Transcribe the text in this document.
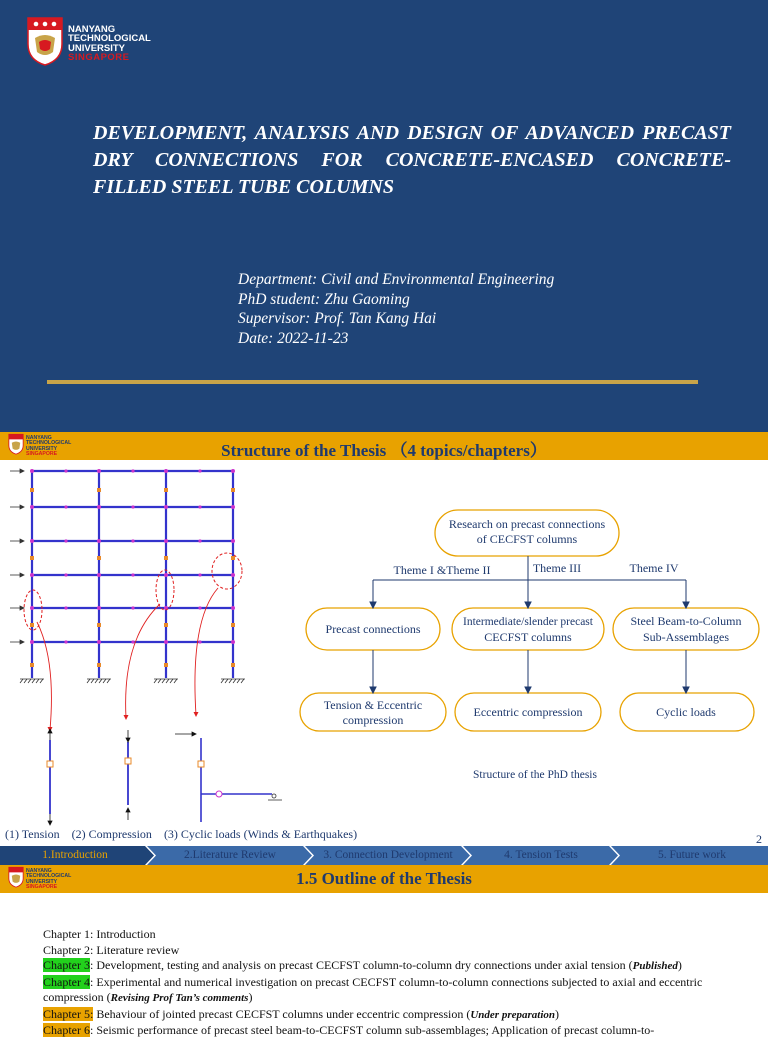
NANYANG
TECHNOLOGICAL
UNIVERSITY
SINGAPORE
DEVELOPMENT, ANALYSIS AND DESIGN OF ADVANCED PRECAST DRY CONNECTIONS FOR CONCRETE-ENCASED CONCRETE-FILLED STEEL TUBE COLUMNS
Department: Civil and Environmental Engineering
PhD student: Zhu Gaoming
Supervisor: Prof. Tan Kang Hai
Date: 2022-11-23
NANYANG
TECHNOLOGICAL
UNIVERSITY
SINGAPORE	Structure of the Thesis （4 topics/chapters）
Research on precast connections
of CECFST columns
Theme I &Theme II	Theme III	Theme IV
Precast connections	Intermediate/slender precast
CECFST columns
Steel Beam-to-Column
Sub-Assemblages
Tension & Eccentric
compression
Eccentric compression	Cyclic loads
Structure of the PhD thesis
(1) Tension (2) Compression (3) Cyclic loads (Winds & Earthquakes)	2
1.Introduction	2.Literature Review	3. Connection Development	4. Tension Tests	5. Future work
NANYANG
TECHNOLOGICAL
UNIVERSITY
SINGAPORE	1.5 Outline of the Thesis
Chapter 1: Introduction
Chapter 2: Literature review
Chapter 3: Development, testing and analysis on precast CECFST column-to-column dry connections under axial tension (Published)
Chapter 4: Experimental and numerical investigation on precast CECFST column-to-column connections subjected to axial and eccentric compression (Revising Prof Tan’s comments)
Chapter 5: Behaviour of jointed precast CECFST columns under eccentric compression (Under preparation)
Chapter 6: Seismic performance of precast steel beam-to-CECFST column sub-assemblages; Application of precast column-to-
